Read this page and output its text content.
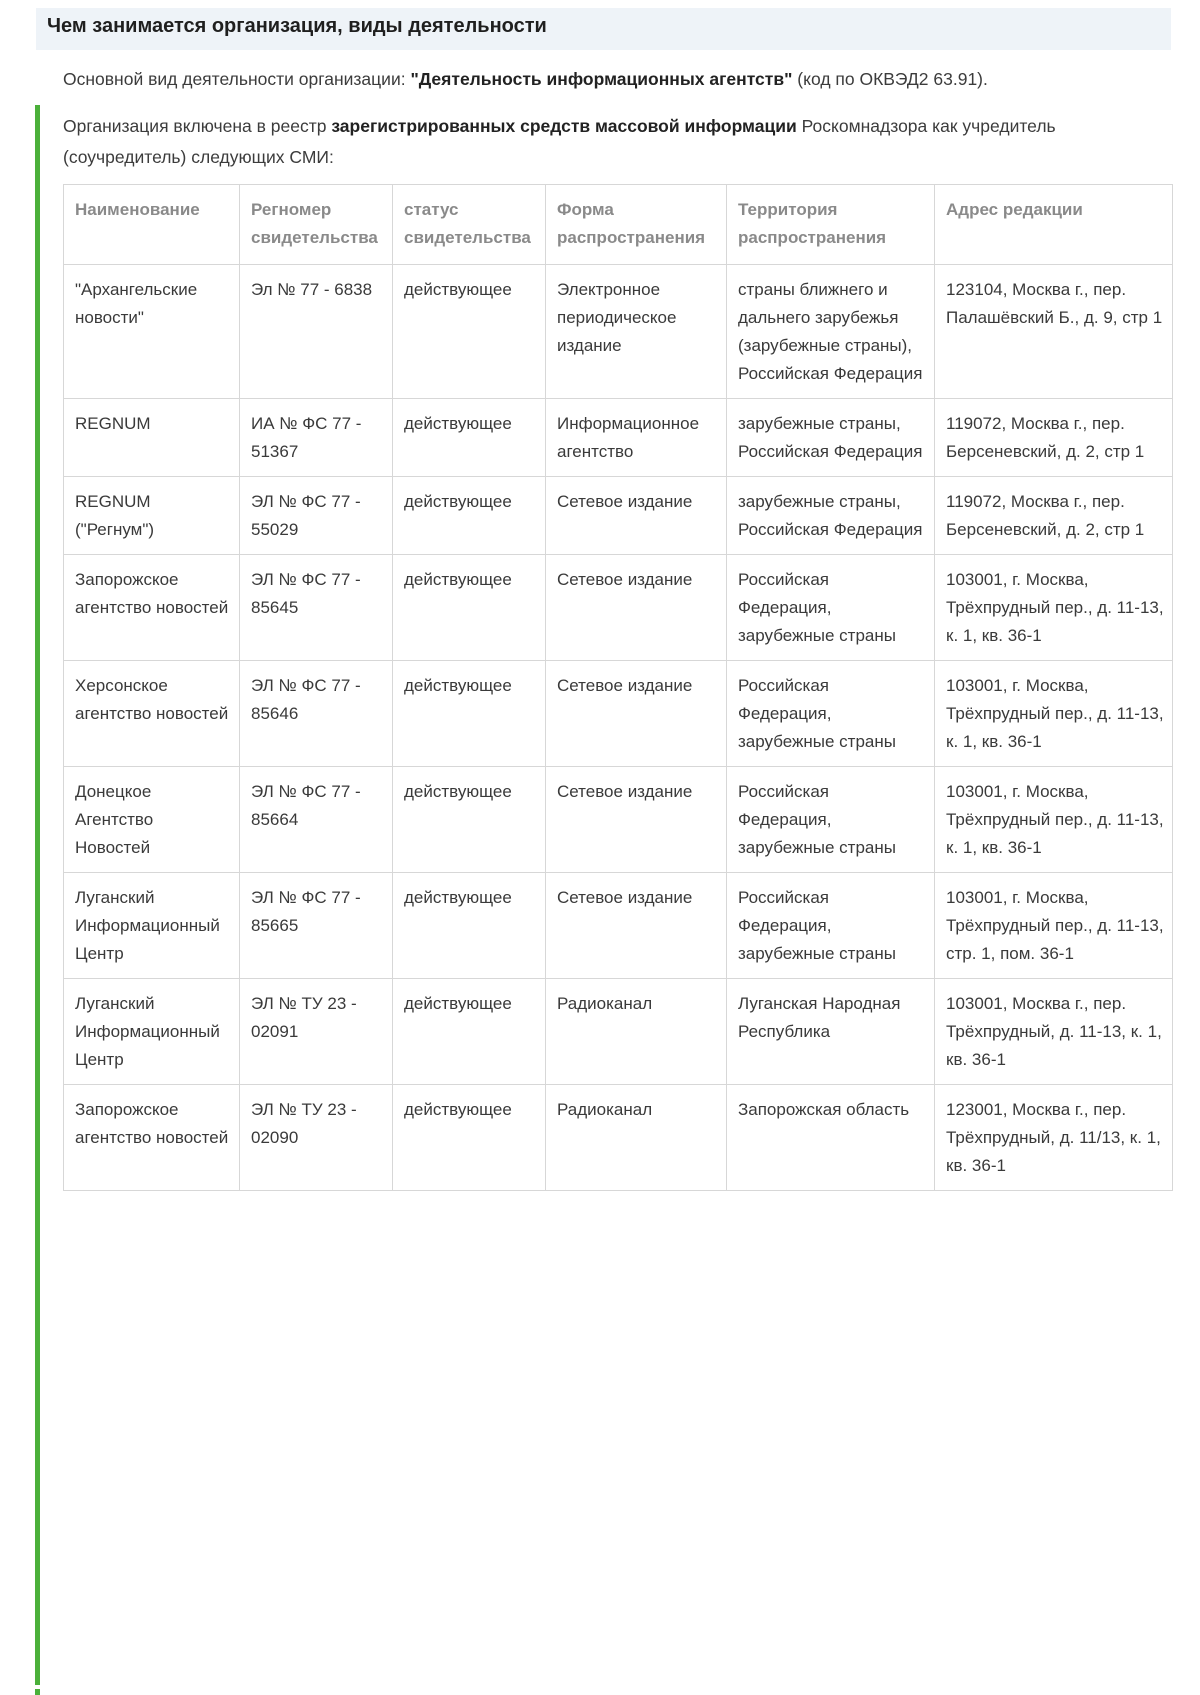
Чем занимается организация, виды деятельности
Основной вид деятельности организации: "Деятельность информационных агентств" (код по ОКВЭД2 63.91).
Организация включена в реестр зарегистрированных средств массовой информации Роскомнадзора как учредитель (соучредитель) следующих СМИ:
Наименование	Регномер свидетельства	статус свидетельства	Форма распространения	Территория распространения	Адрес редакции
"Архангельские новости"	Эл № 77 - 6838	действующее	Электронное периодическое издание	страны ближнего и дальнего зарубежья (зарубежные страны), Российская Федерация	123104, Москва г., пер. Палашёвский Б., д. 9, стр 1
REGNUM	ИА № ФС 77 - 51367	действующее	Информационное агентство	зарубежные страны, Российская Федерация	119072, Москва г., пер. Берсеневский, д. 2, стр 1
REGNUM ("Регнум")	ЭЛ № ФС 77 - 55029	действующее	Сетевое издание	зарубежные страны, Российская Федерация	119072, Москва г., пер. Берсеневский, д. 2, стр 1
Запорожское агентство новостей	ЭЛ № ФС 77 - 85645	действующее	Сетевое издание	Российская Федерация, зарубежные страны	103001, г. Москва, Трёхпрудный пер., д. 11-13, к. 1, кв. 36-1
Херсонское агентство новостей	ЭЛ № ФС 77 - 85646	действующее	Сетевое издание	Российская Федерация, зарубежные страны	103001, г. Москва, Трёхпрудный пер., д. 11-13, к. 1, кв. 36-1
Донецкое Агентство Новостей	ЭЛ № ФС 77 - 85664	действующее	Сетевое издание	Российская Федерация, зарубежные страны	103001, г. Москва, Трёхпрудный пер., д. 11-13, к. 1, кв. 36-1
Луганский Информационный Центр	ЭЛ № ФС 77 - 85665	действующее	Сетевое издание	Российская Федерация, зарубежные страны	103001, г. Москва, Трёхпрудный пер., д. 11-13, стр. 1, пом. 36-1
Луганский Информационный Центр	ЭЛ № ТУ 23 - 02091	действующее	Радиоканал	Луганская Народная Республика	103001, Москва г., пер. Трёхпрудный, д. 11-13, к. 1, кв. 36-1
Запорожское агентство новостей	ЭЛ № ТУ 23 - 02090	действующее	Радиоканал	Запорожская область	123001, Москва г., пер. Трёхпрудный, д. 11/13, к. 1, кв. 36-1
